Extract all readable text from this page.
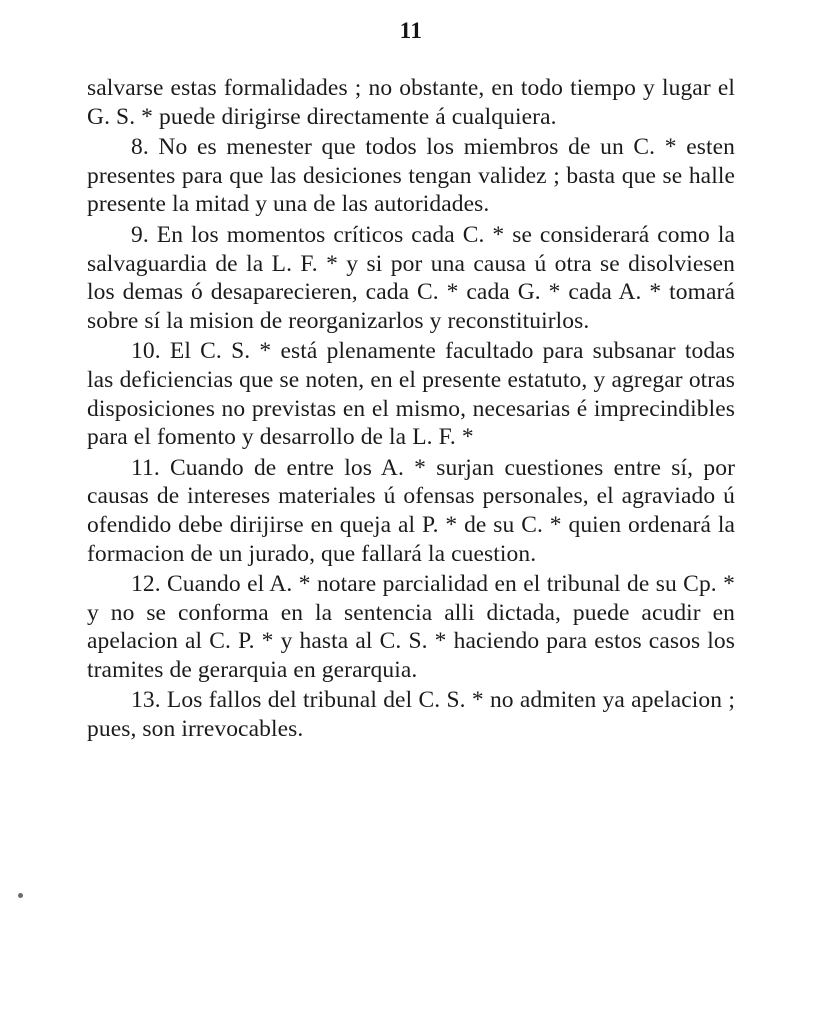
11

salvarse estas formalidades ; no obstante, en todo tiempo y lugar el G. S. * puede dirigirse directamente á cualquiera.

8. No es menester que todos los miembros de un C. * esten presentes para que las desiciones tengan validez ; basta que se halle presente la mitad y una de las autoridades.

9. En los momentos críticos cada C. * se considerará como la salvaguardia de la L. F. * y si por una causa ú otra se disolviesen los demas ó desaparecieren, cada C. * cada G. * cada A. * tomará sobre sí la mision de reorganizarlos y reconstituirlos.

10. El C. S. * está plenamente facultado para subsanar todas las deficiencias que se noten, en el presente estatuto, y agregar otras disposiciones no previstas en el mismo, necesarias é imprecindibles para el fomento y desarrollo de la L. F. *

11. Cuando de entre los A. * surjan cuestiones entre sí, por causas de intereses materiales ú ofensas personales, el agraviado ú ofendido debe dirijirse en queja al P. * de su C. * quien ordenará la formacion de un jurado, que fallará la cuestion.

12. Cuando el A. * notare parcialidad en el tribunal de su Cp. * y no se conforma en la sentencia alli dictada, puede acudir en apelacion al C. P. * y hasta al C. S. * haciendo para estos casos los tramites de gerarquia en gerarquia.

13. Los fallos del tribunal del C. S. * no admiten ya apelacion ; pues, son irrevocables.
